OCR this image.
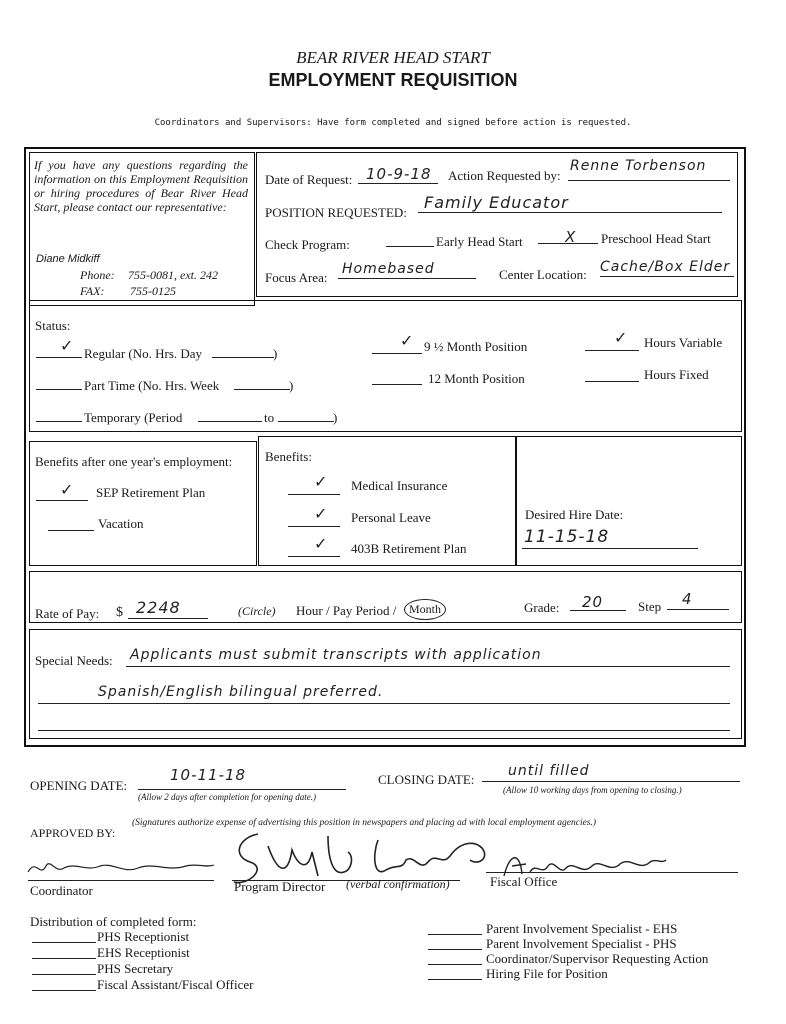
BEAR RIVER HEAD START
EMPLOYMENT REQUISITION
Coordinators and Supervisors: Have form completed and signed before action is requested.
If you have any questions regarding the information on this Employment Requisition or hiring procedures of Bear River Head Start, please contact our representative:
Diane Midkiff
Phone: 755-0081, ext. 242
FAX: 755-0125
Date of Request: 10-9-18 Action Requested by:
Renne Torbenson
POSITION REQUESTED:
Family Educator
Check Program:	Early Head Start	X Preschool Head Start
Focus Area:
Homebased	Center Location: Cache/Box Elder
Status:
✓ Regular (No. Hrs. Day	)
Part Time (No. Hrs. Week	)
Temporary (Period	to	)
✓ 9 ½ Month Position
12 Month Position
✓ Hours Variable
Hours Fixed
Benefits after one year's employment:
✓ SEP Retirement Plan
Vacation
Benefits:
✓ Medical Insurance
✓ Personal Leave
✓ 403B Retirement Plan
Desired Hire Date:
11-15-18
Rate of Pay: $ 2248	(Circle) Hour / Pay Period /	Month	Grade: 20	Step 4
Special Needs: Applicants must submit transcripts with application
Spanish/English bilingual preferred.
OPENING DATE:
10-11-18
(Allow 2 days after completion for opening date.)
CLOSING DATE:
until filled
(Allow 10 working days from opening to closing.)
APPROVED BY:
(Signatures authorize expense of advertising this position in newspapers and placing ad with local employment agencies.)
Coordinator	Program Director (verbal confirmation)	Fiscal Office
Distribution of completed form:
PHS Receptionist
EHS Receptionist
PHS Secretary
Fiscal Assistant/Fiscal Officer
Parent Involvement Specialist - EHS
Parent Involvement Specialist - PHS
Coordinator/Supervisor Requesting Action
Hiring File for Position
